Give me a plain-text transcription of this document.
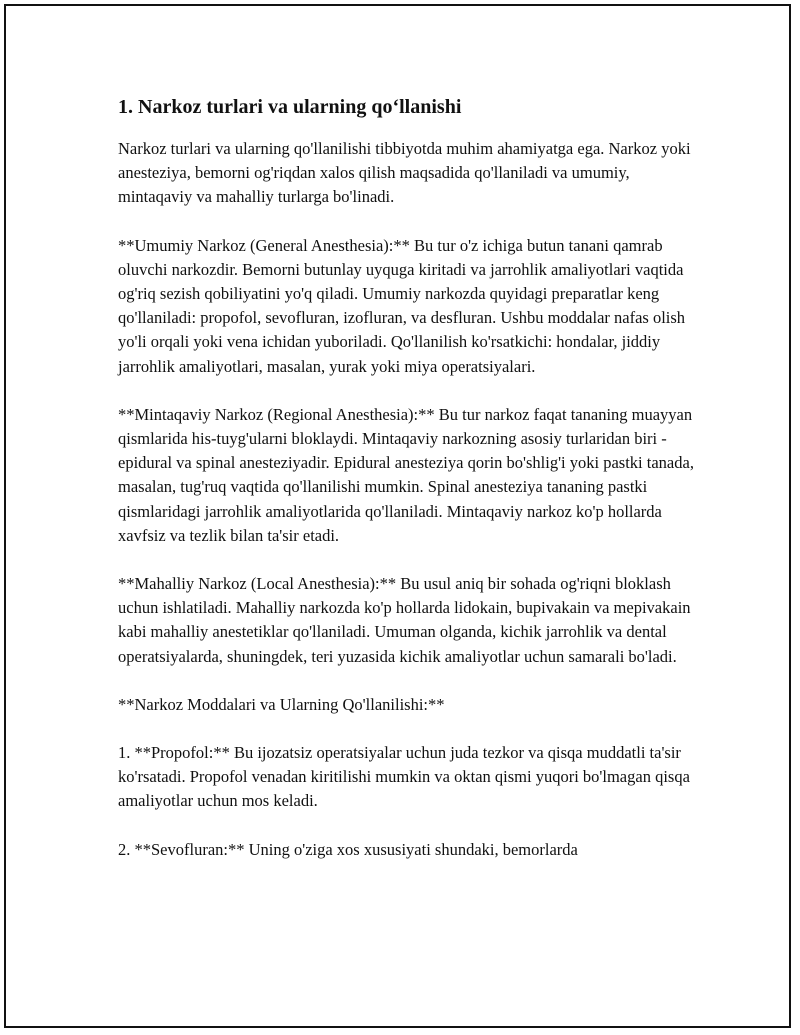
1. Narkoz turlari va ularning qo‘llanishi

Narkoz turlari va ularning qo'llanilishi tibbiyotda muhim ahamiyatga ega. Narkoz yoki anesteziya, bemorni og'riqdan xalos qilish maqsadida qo'llaniladi va umumiy, mintaqaviy va mahalliy turlarga bo'linadi.

**Umumiy Narkoz (General Anesthesia):** Bu tur o'z ichiga butun tanani qamrab oluvchi narkozdir. Bemorni butunlay uyquga kiritadi va jarrohlik amaliyotlari vaqtida og'riq sezish qobiliyatini yo'q qiladi. Umumiy narkozda quyidagi preparatlar keng qo'llaniladi: propofol, sevofluran, izofluran, va desfluran. Ushbu moddalar nafas olish yo'li orqali yoki vena ichidan yuboriladi. Qo'llanilish ko'rsatkichi: hondalar, jiddiy jarrohlik amaliyotlari, masalan, yurak yoki miya operatsiyalari.

**Mintaqaviy Narkoz (Regional Anesthesia):** Bu tur narkoz faqat tananing muayyan qismlarida his-tuyg'ularni bloklaydi. Mintaqaviy narkozning asosiy turlaridan biri - epidural va spinal anesteziyadir. Epidural anesteziya qorin bo'shlig'i yoki pastki tanada, masalan, tug'ruq vaqtida qo'llanilishi mumkin. Spinal anesteziya tananing pastki qismlaridagi jarrohlik amaliyotlarida qo'llaniladi. Mintaqaviy narkoz ko'p hollarda xavfsiz va tezlik bilan ta'sir etadi.

**Mahalliy Narkoz (Local Anesthesia):** Bu usul aniq bir sohada og'riqni bloklash uchun ishlatiladi. Mahalliy narkozda ko'p hollarda lidokain, bupivakain va mepivakain kabi mahalliy anestetiklar qo'llaniladi. Umuman olganda, kichik jarrohlik va dental operatsiyalarda, shuningdek, teri yuzasida kichik amaliyotlar uchun samarali bo'ladi.

**Narkoz Moddalari va Ularning Qo'llanilishi:**

1. **Propofol:** Bu ijozatsiz operatsiyalar uchun juda tezkor va qisqa muddatli ta'sir ko'rsatadi. Propofol venadan kiritilishi mumkin va oktan qismi yuqori bo'lmagan qisqa amaliyotlar uchun mos keladi.

2. **Sevofluran:** Uning o'ziga xos xususiyati shundaki, bemorlarda
